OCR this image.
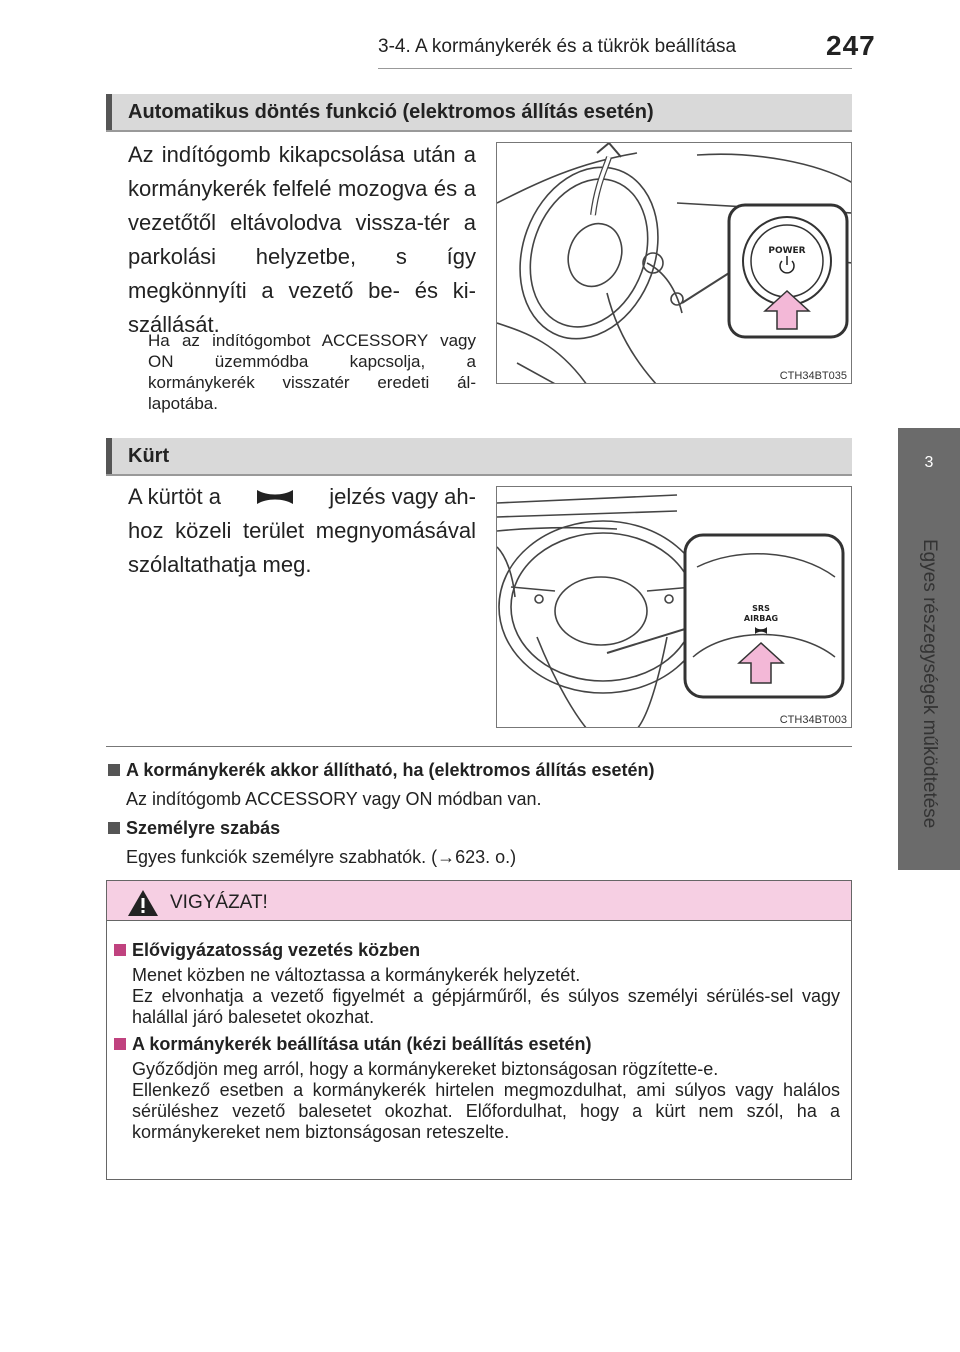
3-4. A kormánykerék és a tükrök beállítása	247
3
Egyes részegységek működtetése
Automatikus döntés funkció (elektromos állítás esetén)
Az indítógomb kikapcsolása után a kormánykerék felfelé mozogva és a vezetőtől eltávolodva vissza-tér a parkolási helyzetbe, s így megkönnyíti a vezető be- és ki-szállását.
Ha az indítógombot ACCESSORY vagy ON üzemmódba kapcsolja, a kormánykerék visszatér eredeti ál-lapotába.
POWER
CTH34BT035
Kürt
A kürtöt a	jelzés vagy ah-
hoz közeli terület megnyomásával szólaltathatja meg.
SRS
AIRBAG
CTH34BT003
A kormánykerék akkor állítható, ha (elektromos állítás esetén)
Az indítógomb ACCESSORY vagy ON módban van.
Személyre szabás
Egyes funkciók személyre szabhatók. (→623. o.)
VIGYÁZAT!
Elővigyázatosság vezetés közben
Menet közben ne változtassa a kormánykerék helyzetét.
Ez elvonhatja a vezető figyelmét a gépjárműről, és súlyos személyi sérülés-sel vagy halállal járó balesetet okozhat.
A kormánykerék beállítása után (kézi beállítás esetén)
Győződjön meg arról, hogy a kormánykereket biztonságosan rögzítette-e.
Ellenkező esetben a kormánykerék hirtelen megmozdulhat, ami súlyos vagy halálos sérüléshez vezető balesetet okozhat. Előfordulhat, hogy a kürt nem szól, ha a kormánykereket nem biztonságosan reteszelte.
